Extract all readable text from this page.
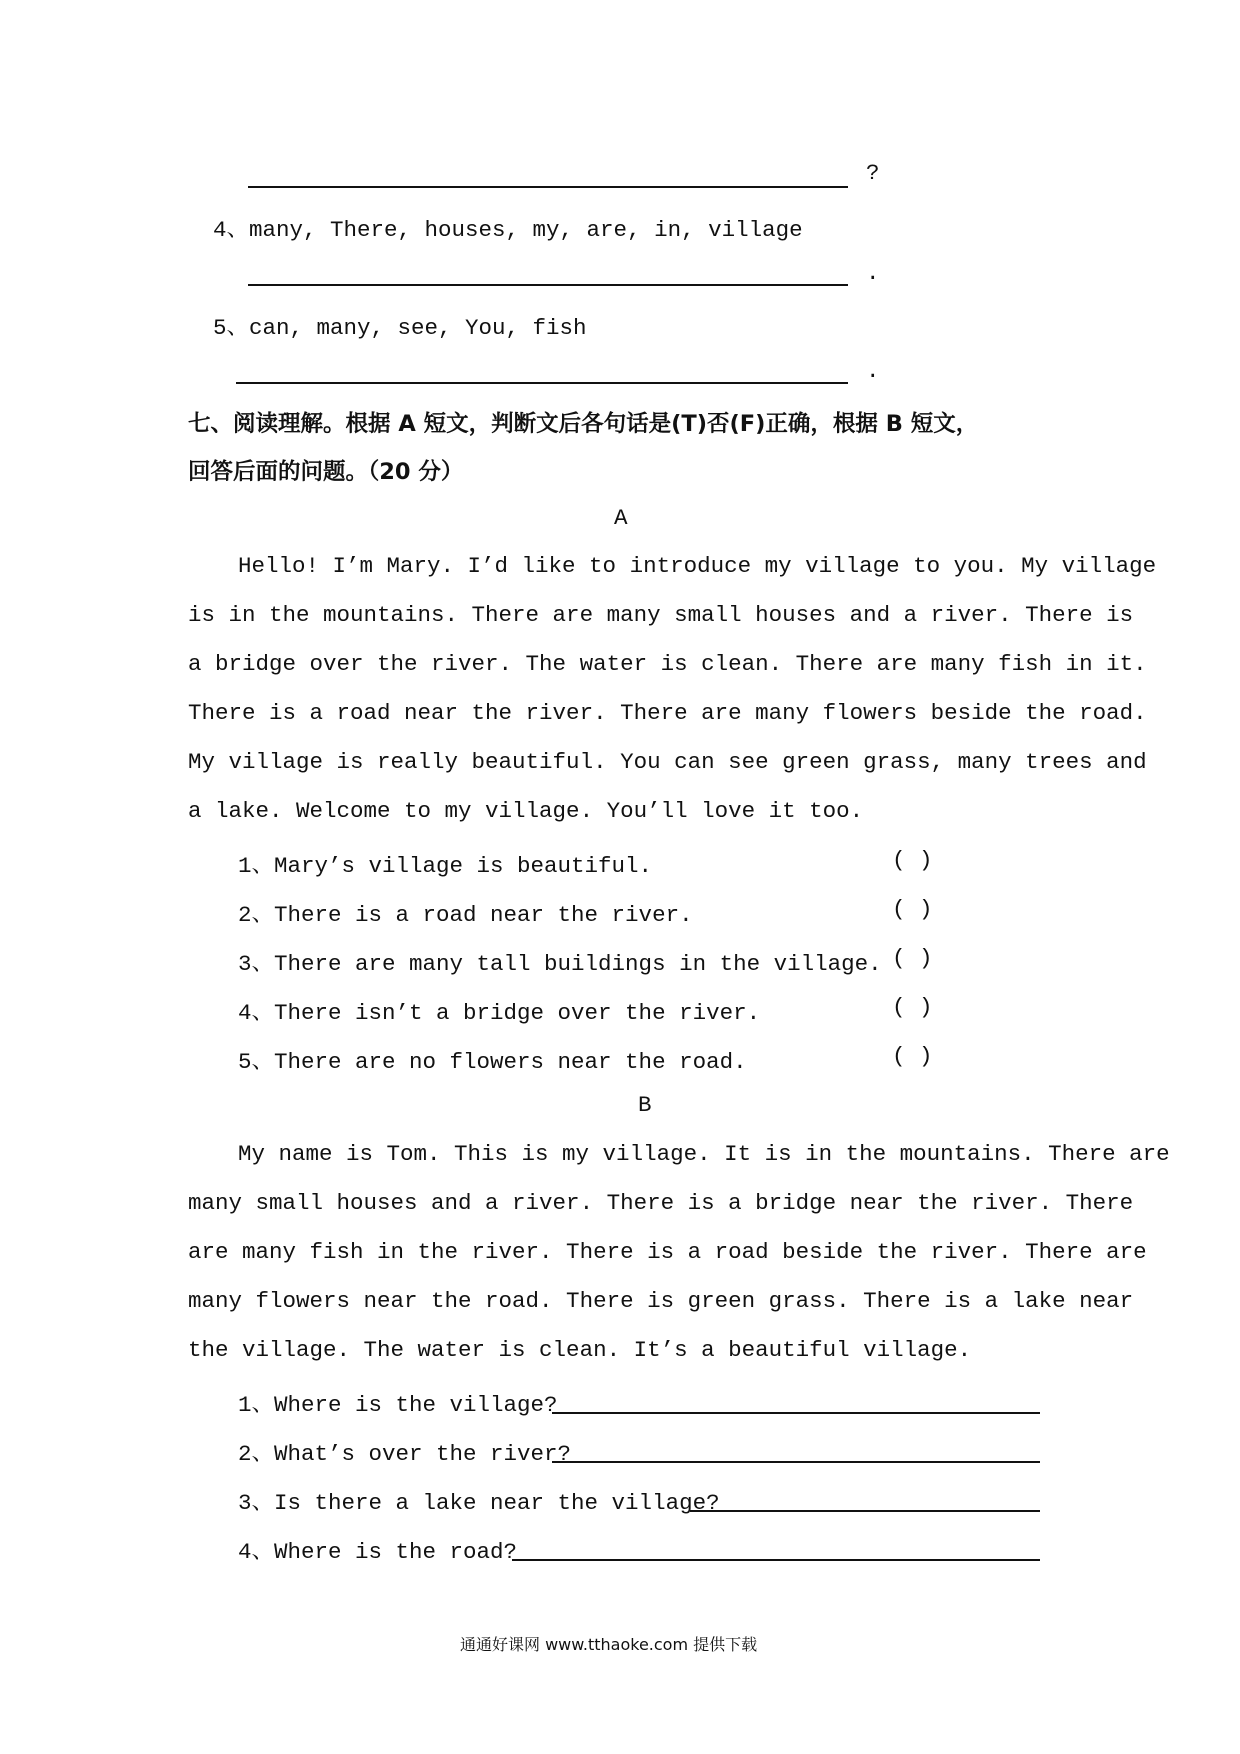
?
4、many, There, houses, my, are, in, village
.
5、can, many, see, You, fish
.
七、阅读理解。根据 A 短文，判断文后各句话是(T)否(F)正确，根据 B 短文，
回答后面的问题。（20 分）
A
Hello! I’m Mary. I’d like to introduce my village to you. My village
is in the mountains. There are many small houses and a river. There is
a bridge over the river. The water is clean. There are many fish in it.
There is a road near the river. There are many flowers beside the road.
My village is really beautiful. You can see green grass, many trees and
a lake. Welcome to my village. You’ll love it too.
1、Mary’s village is beautiful.	( )
2、There is a road near the river.	( )
3、There are many tall buildings in the village. ( )
4、There isn’t a bridge over the river.	( )
5、There are no flowers near the road.	( )
B
My name is Tom. This is my village. It is in the mountains. There are
many small houses and a river. There is a bridge near the river. There
are many fish in the river. There is a road beside the river. There are
many flowers near the road. There is green grass. There is a lake near
the village. The water is clean. It’s a beautiful village.
1、Where is the village?
2、What’s over the river?
3、Is there a lake near the village?
4、Where is the road?
通通好课网 www.tthaoke.com 提供下载
